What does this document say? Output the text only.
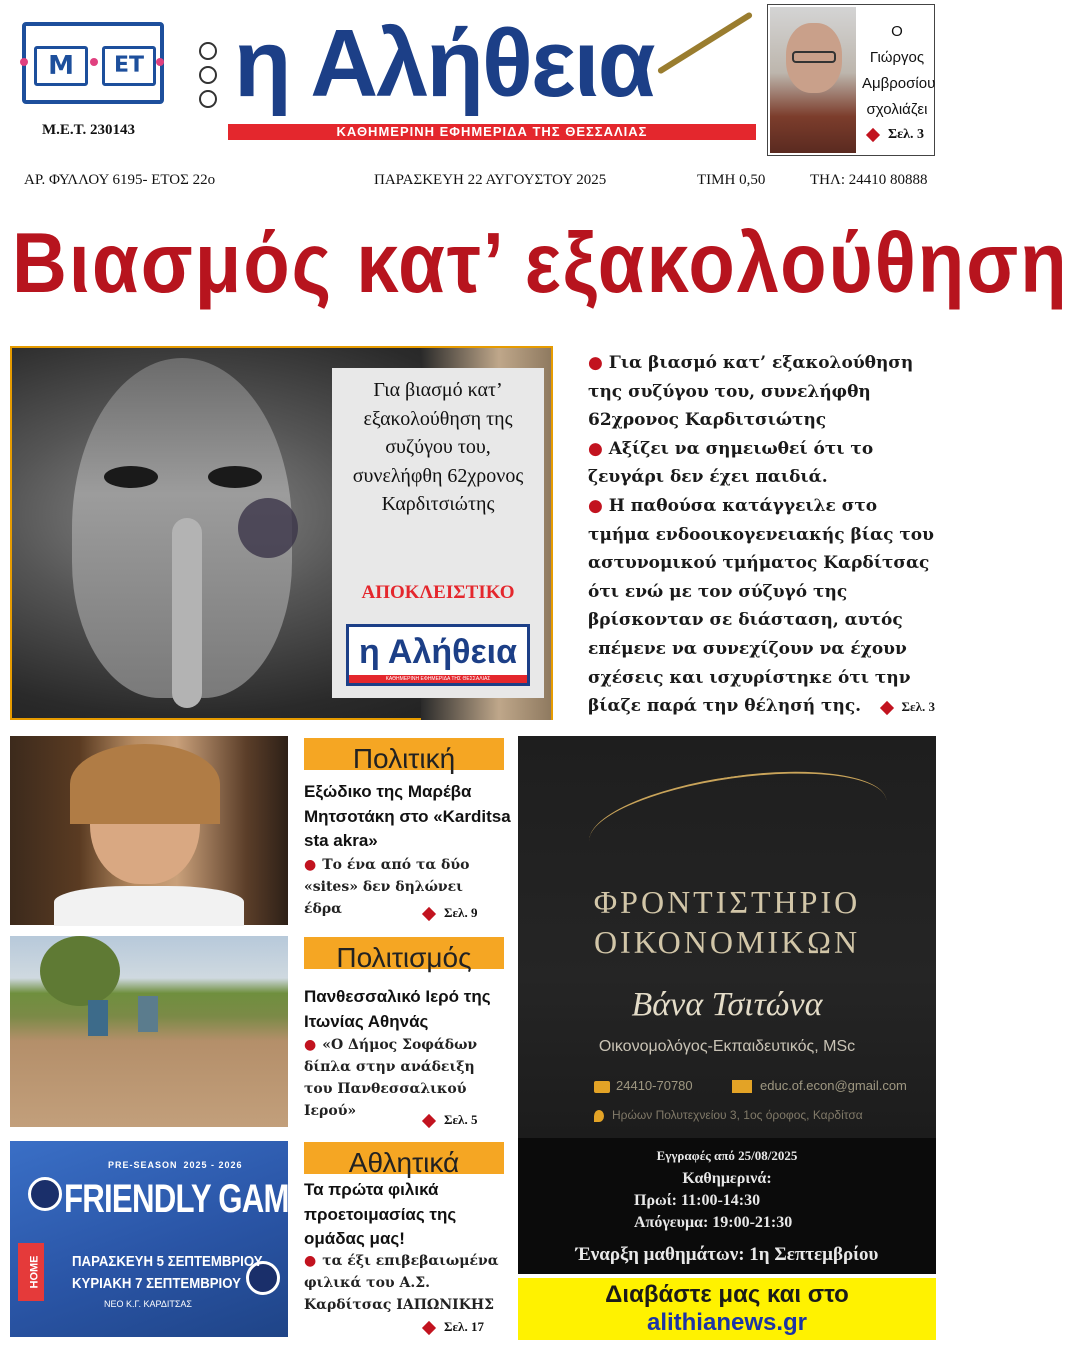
Μ	ΕΤ
Μ.Ε.Τ. 230143
η Αλήθεια
ΚΑΘΗΜΕΡΙΝΗ ΕΦΗΜΕΡΙΔΑ ΤΗΣ ΘΕΣΣΑΛΙΑΣ
Ο Γιώργος Αμβροσίου σχολιάζει
Σελ. 3
ΑΡ. ΦΥΛΛΟΥ 6195- ΕΤΟΣ 22ο	ΠΑΡΑΣΚΕΥΗ 22 ΑΥΓΟΥΣΤΟΥ 2025	ΤΙΜΗ 0,50	ΤΗΛ: 24410 80888
Βιασμός κατ’ εξακολούθηση
Για βιασμό κατ’ εξακολούθηση της συζύγου του, συνελήφθη 62χρονος Καρδιτσιώτης
ΑΠΟΚΛΕΙΣΤΙΚΟ
η Αλήθεια
ΚΑΘΗΜΕΡΙΝΗ ΕΦΗΜΕΡΙΔΑ ΤΗΣ ΘΕΣΣΑΛΙΑΣ
● Για βιασμό κατ’ εξακολούθηση της συζύγου του, συνελήφθη 62χρονος Καρδιτσιώτης
● Αξίζει να σημειωθεί ότι το ζευγάρι δεν έχει παιδιά.
● Η παθούσα κατάγγειλε στο τμήμα ενδοοικογενειακής βίας του αστυνομικού τμήματος Καρδίτσας ότι ενώ με τον σύζυγό της βρίσκονταν σε διάσταση, αυτός επέμενε να συνεχίζουν να έχουν σχέσεις και ισχυρίστηκε ότι την βίαζε παρά την θέλησή της.	Σελ. 3
Πολιτική
Εξώδικο της Μαρέβα Μητσοτάκη στο «Karditsa sta akra»
● Το ένα από τα δύο «sites» δεν δηλώνει έδρα	Σελ. 9
Πολιτισμός
Πανθεσσαλικό Ιερό της Ιτωνίας Αθηνάς
● «Ο Δήμος Σοφάδων δίπλα στην ανάδειξη του Πανθεσσαλικού Ιερού»
Σελ. 5
PRE-SEASON 2025 - 2026
FRIENDLY GAMES
HOME ΠΑΡΑΣΚΕΥΗ 5 ΣΕΠΤΕΜΒΡΙΟΥ
ΚΥΡΙΑΚΗ 7 ΣΕΠΤΕΜΒΡΙΟΥ
ΝΕΟ Κ.Γ. ΚΑΡΔΙΤΣΑΣ
Αθλητικά
Τα πρώτα φιλικά προετοιμασίας της ομάδας μας!
● τα έξι επιβεβαιωμένα φιλικά του Α.Σ. Καρδίτσας ΙΑΠΩΝΙΚΗΣ
Σελ. 17
ΦΡΟΝΤΙΣΤΗΡΙΟ
ΟΙΚΟΝΟΜΙΚΩΝ
Βάνα Τσιτώνα
Οικονομολόγος-Εκπαιδευτικός, MSc
24410-70780	educ.of.econ@gmail.com
Ηρώων Πολυτεχνείου 3, 1ος όροφος, Καρδίτσα
Εγγραφές από 25/08/2025
Καθημερινά:
Πρωί: 11:00-14:30
Απόγευμα: 19:00-21:30
Έναρξη μαθημάτων: 1η Σεπτεμβρίου
Διαβάστε μας και στο
alithianews.gr
